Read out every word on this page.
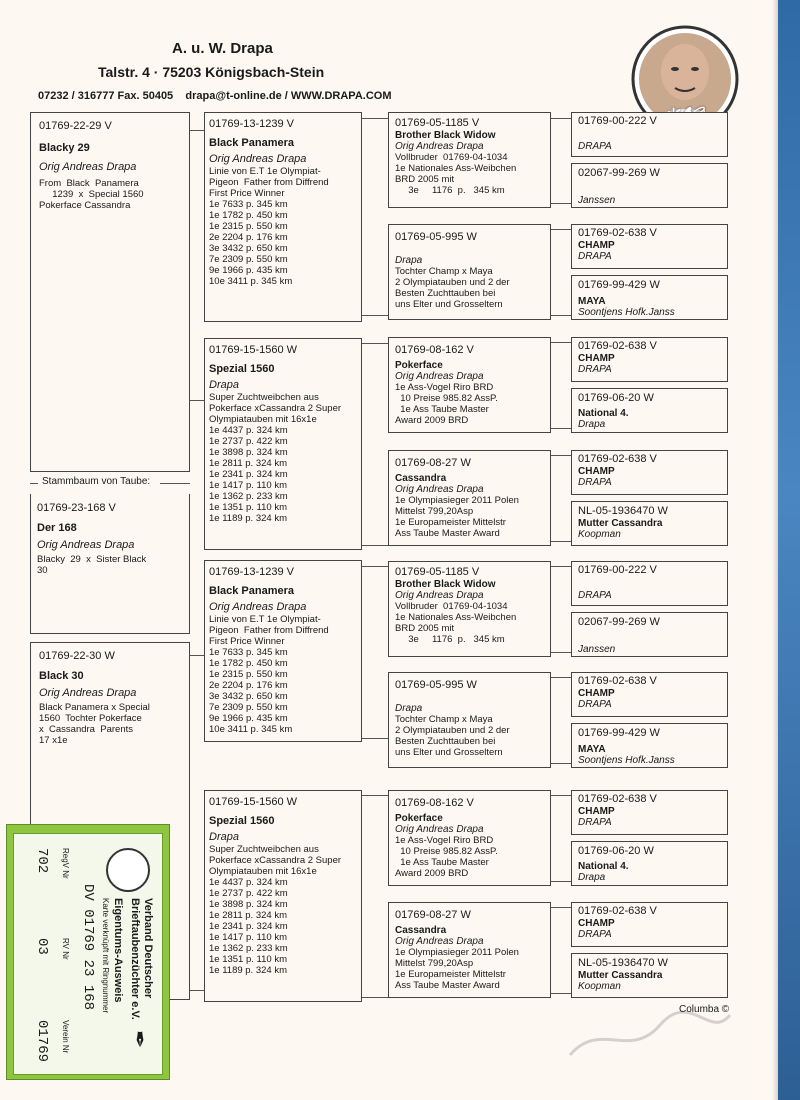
A. u. W. Drapa
Talstr. 4 · 75203 Königsbach-Stein
07232 / 316777 Fax. 50405 drapa@t-online.de / WWW.DRAPA.COM
01769-22-29 V
Blacky 29
Orig Andreas Drapa
From  Black  Panamera
1239  x  Special 1560
Pokerface Cassandra
Stammbaum von Taube:
01769-23-168 V
Der 168
Orig Andreas Drapa
Blacky  29  x  Sister Black
30
01769-22-30 W
Black 30
Orig Andreas Drapa
Black Panamera x Special
1560  Tochter Pokerface
x  Cassandra  Parents
17 x1e
01769-13-1239 V
Black Panamera
Orig Andreas Drapa
Linie von E.T 1e Olympiat-
Pigeon  Father from Diffrend
First Price Winner
1e 7633 p. 345 km
1e 1782 p. 450 km
1e 2315 p. 550 km
2e 2204 p. 176 km
3e 3432 p. 650 km
7e 2309 p. 550 km
9e 1966 p. 435 km
10e 3411 p. 345 km
01769-15-1560 W
Spezial 1560
Drapa
Super Zuchtweibchen aus
Pokerface xCassandra 2 Super
Olympiatauben mit 16x1e
1e 4437 p. 324 km
1e 2737 p. 422 km
1e 3898 p. 324 km
1e 2811 p. 324 km
1e 2341 p. 324 km
1e 1417 p. 110 km
1e 1362 p. 233 km
1e 1351 p. 110 km
1e 1189 p. 324 km
01769-13-1239 V
Black Panamera
Orig Andreas Drapa
Linie von E.T 1e Olympiat-
Pigeon  Father from Diffrend
First Price Winner
1e 7633 p. 345 km
1e 1782 p. 450 km
1e 2315 p. 550 km
2e 2204 p. 176 km
3e 3432 p. 650 km
7e 2309 p. 550 km
9e 1966 p. 435 km
10e 3411 p. 345 km
01769-15-1560 W
Spezial 1560
Drapa
Super Zuchtweibchen aus
Pokerface xCassandra 2 Super
Olympiatauben mit 16x1e
1e 4437 p. 324 km
1e 2737 p. 422 km
1e 3898 p. 324 km
1e 2811 p. 324 km
1e 2341 p. 324 km
1e 1417 p. 110 km
1e 1362 p. 233 km
1e 1351 p. 110 km
1e 1189 p. 324 km
01769-05-1185 V
Brother Black Widow
Orig Andreas Drapa
Vollbruder  01769-04-1034
1e Nationales Ass-Weibchen
BRD 2005 mit
3e     1176  p.   345 km
01769-05-995 W
Drapa
Tochter Champ x Maya
2 Olympiatauben und 2 der
Besten Zuchttauben bei
uns Elter und Grosseltern
01769-08-162 V
Pokerface
Orig Andreas Drapa
1e Ass-Vogel Riro BRD
10 Preise 985.82 AssP.
1e Ass Taube Master
Award 2009 BRD
01769-08-27 W
Cassandra
Orig Andreas Drapa
1e Olympiasieger 2011 Polen
Mittelst 799,20Asp
1e Europameister Mittelstr
Ass Taube Master Award
01769-05-1185 V
Brother Black Widow
Orig Andreas Drapa
Vollbruder  01769-04-1034
1e Nationales Ass-Weibchen
BRD 2005 mit
3e     1176  p.   345 km
01769-05-995 W
Drapa
Tochter Champ x Maya
2 Olympiatauben und 2 der
Besten Zuchttauben bei
uns Elter und Grosseltern
01769-08-162 V
Pokerface
Orig Andreas Drapa
1e Ass-Vogel Riro BRD
10 Preise 985.82 AssP.
1e Ass Taube Master
Award 2009 BRD
01769-08-27 W
Cassandra
Orig Andreas Drapa
1e Olympiasieger 2011 Polen
Mittelst 799,20Asp
1e Europameister Mittelstr
Ass Taube Master Award
01769-00-222 V
DRAPA
02067-99-269 W
Janssen
01769-02-638 V
CHAMP
DRAPA
01769-99-429 W
MAYA
Soontjens Hofk.Janss
01769-02-638 V
CHAMP
DRAPA
01769-06-20 W
National 4.
Drapa
01769-02-638 V
CHAMP
DRAPA
NL-05-1936470 W
Mutter Cassandra
Koopman
01769-00-222 V
DRAPA
02067-99-269 W
Janssen
01769-02-638 V
CHAMP
DRAPA
01769-99-429 W
MAYA
Soontjens Hofk.Janss
01769-02-638 V
CHAMP
DRAPA
01769-06-20 W
National 4.
Drapa
01769-02-638 V
CHAMP
DRAPA
NL-05-1936470 W
Mutter Cassandra
Koopman
Columba ©
Verband Deutscher
Brieftaubenzüchter e.V.
Eigentums-Ausweis
Karte verknüpft mit Ringnummer
DV 01769 23 168
RegV Nr
RV Nr
Verein Nr
702
03
01769	✒
